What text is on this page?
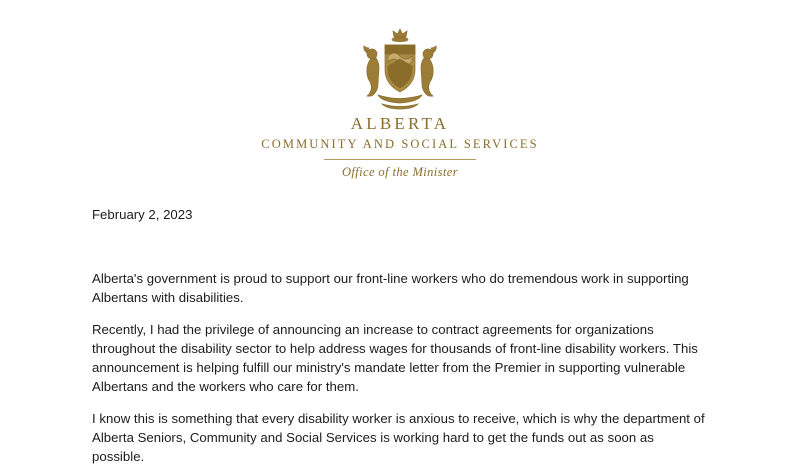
ALBERTA
COMMUNITY AND SOCIAL SERVICES
Office of the Minister
February 2, 2023

Alberta's government is proud to support our front-line workers who do tremendous work in supporting Albertans with disabilities.

Recently, I had the privilege of announcing an increase to contract agreements for organizations throughout the disability sector to help address wages for thousands of front-line disability workers. This announcement is helping fulfill our ministry's mandate letter from the Premier in supporting vulnerable Albertans and the workers who care for them.

I know this is something that every disability worker is anxious to receive, which is why the department of Alberta Seniors, Community and Social Services is working hard to get the funds out as soon as possible.
